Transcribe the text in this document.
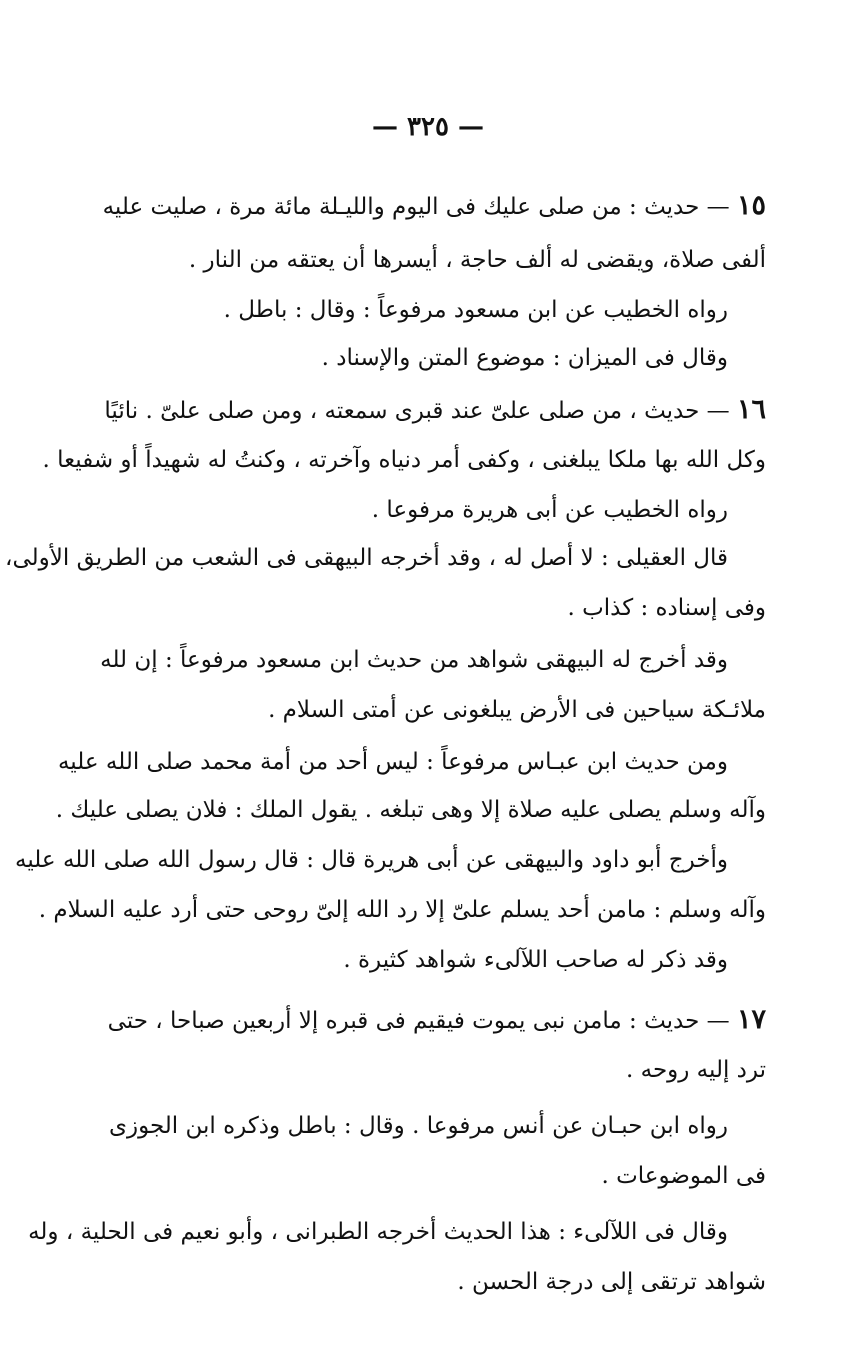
— ٣٢٥ —
١٥ — حديث : من صلى عليك فى اليوم والليـلة مائة مرة ، صليت عليه
ألفى صلاة، ويقضى له ألف حاجة ، أيسرها أن يعتقه من النار .
رواه الخطيب عن ابن مسعود مرفوعاً : وقال : باطل .
وقال فى الميزان : موضوع المتن والإسناد .
١٦ — حديث ، من صلى علىّ عند قبرى سمعته ، ومن صلى علىّ . نائيًا
وكل الله بها ملكا يبلغنى ، وكفى أمر دنياه وآخرته ، وكنتُ له شهيداً أو شفيعا .
رواه الخطيب عن أبى هريرة مرفوعا .
قال العقيلى : لا أصل له ، وقد أخرجه البيهقى فى الشعب من الطريق الأولى،
وفى إسناده : كذاب .
وقد أخرج له البيهقى شواهد من حديث ابن مسعود مرفوعاً : إن لله
ملائـكة سياحين فى الأرض يبلغونى عن أمتى السلام .
ومن حديث ابن عبـاس مرفوعاً : ليس أحد من أمة محمد صلى الله عليه
وآله وسلم يصلى عليه صلاة إلا وهى تبلغه . يقول الملك : فلان يصلى عليك .
وأخرج أبو داود والبيهقى عن أبى هريرة قال : قال رسول الله صلى الله عليه
وآله وسلم : مامن أحد يسلم علىّ إلا رد الله إلىّ روحى حتى أرد عليه السلام .
وقد ذكر له صاحب اللآلىء شواهد كثيرة .
١٧ — حديث : مامن نبى يموت فيقيم فى قبره إلا أربعين صباحا ، حتى
ترد إليه روحه .
رواه ابن حبـان عن أنس مرفوعا . وقال : باطل وذكره ابن الجوزى
فى الموضوعات .
وقال فى اللآلىء : هذا الحديث أخرجه الطبرانى ، وأبو نعيم فى الحلية ، وله
شواهد ترتقى إلى درجة الحسن .
